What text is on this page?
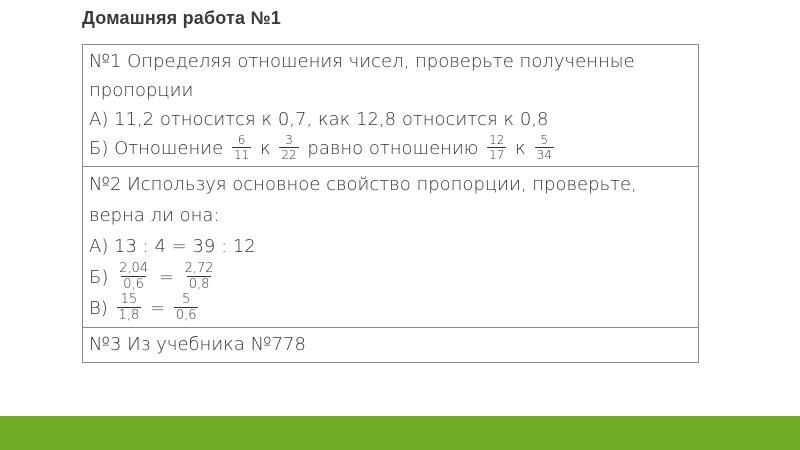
Домашняя работа №1
№1 Определяя отношения чисел, проверьте полученные
пропорции
А) 11,2 относится к 0,7, как 12,8 относится к 0,8
Б) Отношение $\frac{6}{11}$ к $\frac{3}{22}$ равно отношению $\frac{12}{17}$ к $\frac{5}{34}$

№2 Используя основное свойство пропорции, проверьте,
верна ли она:
А) 13 : 4 = 39 : 12
$Б) \frac{2,04}{0,6} = \frac{2,72}{0,8}$
$В) \frac{15}{1,8} = \frac{5}{0,6}$

№3 Из учебника №778
